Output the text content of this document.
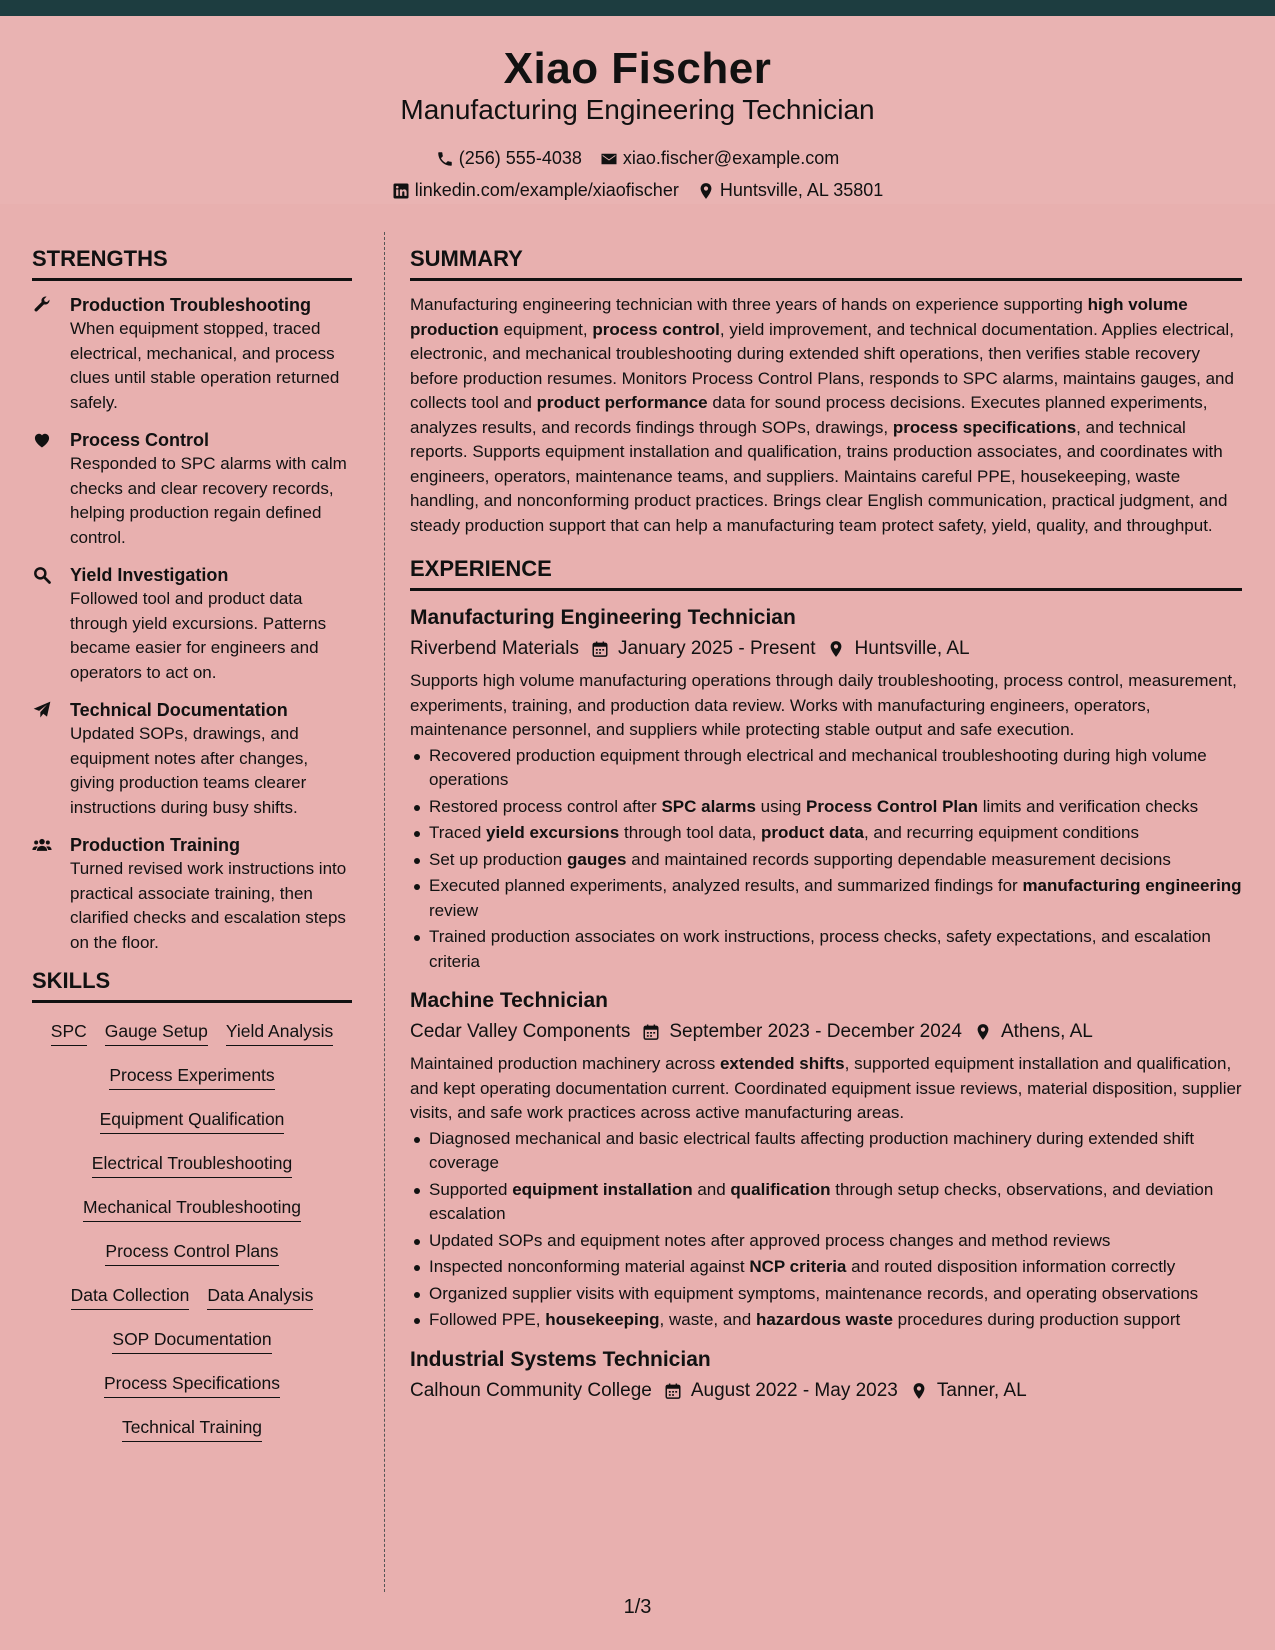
Xiao Fischer
Manufacturing Engineering Technician
(256) 555-4038 xiao.fischer@example.com
linkedin.com/example/xiaofischer Huntsville, AL 35801
STRENGTHS
Production Troubleshooting
When equipment stopped, traced electrical, mechanical, and process clues until stable operation returned safely.
Process Control
Responded to SPC alarms with calm checks and clear recovery records, helping production regain defined control.
Yield Investigation
Followed tool and product data through yield excursions. Patterns became easier for engineers and operators to act on.
Technical Documentation
Updated SOPs, drawings, and equipment notes after changes, giving production teams clearer instructions during busy shifts.
Production Training
Turned revised work instructions into practical associate training, then clarified checks and escalation steps on the floor.
SKILLS
SPC Gauge Setup Yield Analysis
Process Experiments
Equipment Qualification
Electrical Troubleshooting
Mechanical Troubleshooting
Process Control Plans
Data Collection Data Analysis
SOP Documentation
Process Specifications
Technical Training
SUMMARY
Manufacturing engineering technician with three years of hands on experience supporting high volume production equipment, process control, yield improvement, and technical documentation. Applies electrical, electronic, and mechanical troubleshooting during extended shift operations, then verifies stable recovery before production resumes. Monitors Process Control Plans, responds to SPC alarms, maintains gauges, and collects tool and product performance data for sound process decisions. Executes planned experiments, analyzes results, and records findings through SOPs, drawings, process specifications, and technical reports. Supports equipment installation and qualification, trains production associates, and coordinates with engineers, operators, maintenance teams, and suppliers. Maintains careful PPE, housekeeping, waste handling, and nonconforming product practices. Brings clear English communication, practical judgment, and steady production support that can help a manufacturing team protect safety, yield, quality, and throughput.
EXPERIENCE
Manufacturing Engineering Technician
Riverbend Materials January 2025 - Present Huntsville, AL
Supports high volume manufacturing operations through daily troubleshooting, process control, measurement, experiments, training, and production data review. Works with manufacturing engineers, operators, maintenance personnel, and suppliers while protecting stable output and safe execution.
Recovered production equipment through electrical and mechanical troubleshooting during high volume operations
Restored process control after SPC alarms using Process Control Plan limits and verification checks
Traced yield excursions through tool data, product data, and recurring equipment conditions
Set up production gauges and maintained records supporting dependable measurement decisions
Executed planned experiments, analyzed results, and summarized findings for manufacturing engineering review
Trained production associates on work instructions, process checks, safety expectations, and escalation criteria
Machine Technician
Cedar Valley Components September 2023 - December 2024 Athens, AL
Maintained production machinery across extended shifts, supported equipment installation and qualification, and kept operating documentation current. Coordinated equipment issue reviews, material disposition, supplier visits, and safe work practices across active manufacturing areas.
Diagnosed mechanical and basic electrical faults affecting production machinery during extended shift coverage
Supported equipment installation and qualification through setup checks, observations, and deviation escalation
Updated SOPs and equipment notes after approved process changes and method reviews
Inspected nonconforming material against NCP criteria and routed disposition information correctly
Organized supplier visits with equipment symptoms, maintenance records, and operating observations
Followed PPE, housekeeping, waste, and hazardous waste procedures during production support
Industrial Systems Technician
Calhoun Community College August 2022 - May 2023 Tanner, AL
1/3
